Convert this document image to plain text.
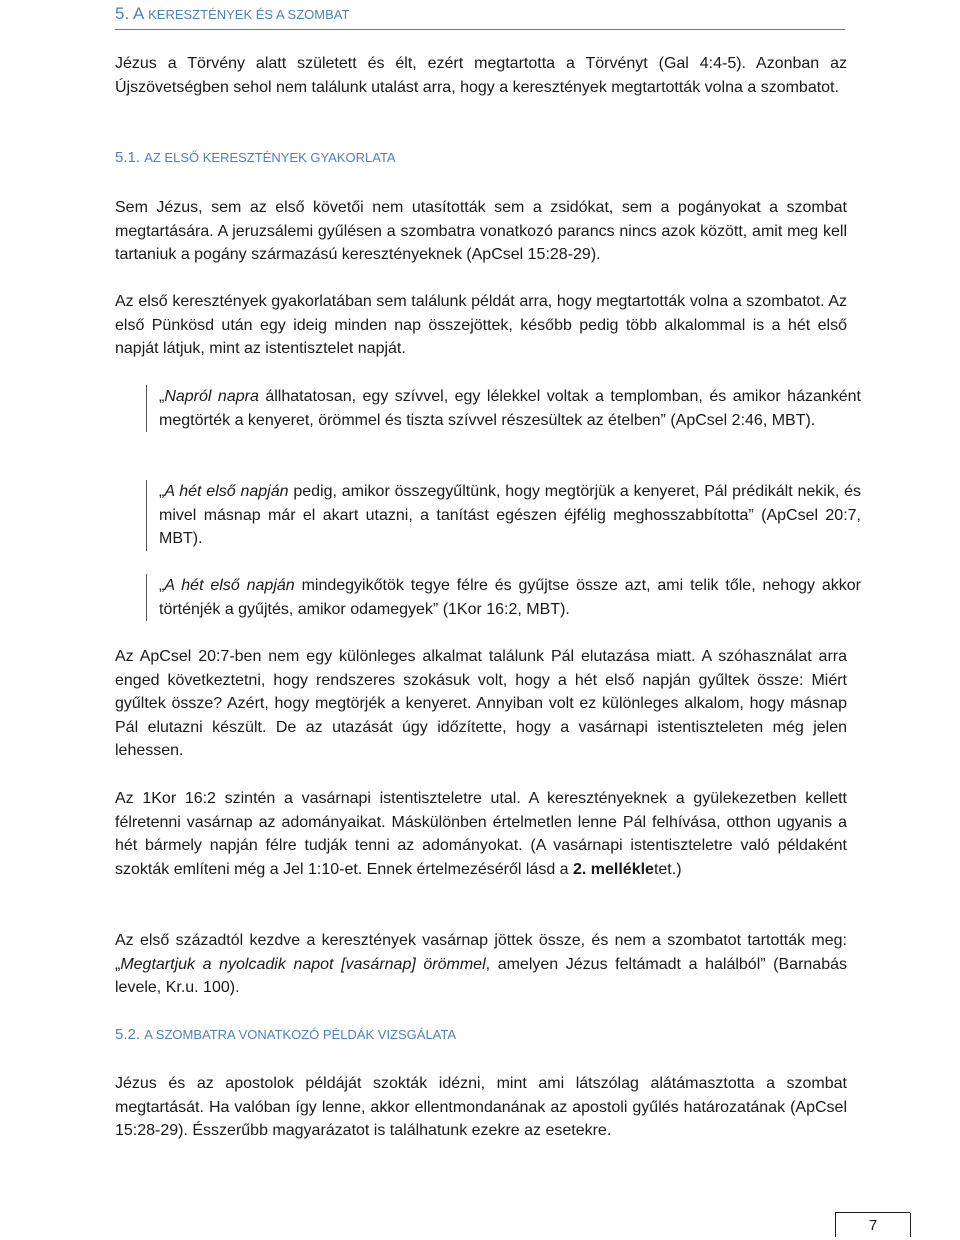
5. A KERESZTÉNYEK ÉS A SZOMBAT

Jézus a Törvény alatt született és élt, ezért megtartotta a Törvényt (Gal 4:4-5). Azonban az Újszövetségben sehol nem találunk utalást arra, hogy a keresztények megtartották volna a szombatot.

5.1. AZ ELSŐ KERESZTÉNYEK GYAKORLATA

Sem Jézus, sem az első követői nem utasították sem a zsidókat, sem a pogányokat a szombat megtartására. A jeruzsálemi gyűlésen a szombatra vonatkozó parancs nincs azok között, amit meg kell tartaniuk a pogány származású keresztényeknek (ApCsel 15:28-29).

Az első keresztények gyakorlatában sem találunk példát arra, hogy megtartották volna a szombatot. Az első Pünkösd után egy ideig minden nap összejöttek, később pedig több alkalommal is a hét első napját látjuk, mint az istentisztelet napját.

„Napról napra állhatatosan, egy szívvel, egy lélekkel voltak a templomban, és amikor házanként megtörték a kenyeret, örömmel és tiszta szívvel részesültek az ételben” (ApCsel 2:46, MBT).
„A hét első napján pedig, amikor összegyűltünk, hogy megtörjük a kenyeret, Pál prédikált nekik, és mivel másnap már el akart utazni, a tanítást egészen éjfélig meghosszabbította” (ApCsel 20:7, MBT).
„A hét első napján mindegyikőtök tegye félre és gyűjtse össze azt, ami telik tőle, nehogy akkor történjék a gyűjtés, amikor odamegyek” (1Kor 16:2, MBT).

Az ApCsel 20:7-ben nem egy különleges alkalmat találunk Pál elutazása miatt. A szóhasználat arra enged következtetni, hogy rendszeres szokásuk volt, hogy a hét első napján gyűltek össze: Miért gyűltek össze? Azért, hogy megtörjék a kenyeret. Annyiban volt ez különleges alkalom, hogy másnap Pál elutazni készült. De az utazását úgy időzítette, hogy a vasárnapi istentiszteleten még jelen lehessen.

Az 1Kor 16:2 szintén a vasárnapi istentiszteletre utal. A keresztényeknek a gyülekezetben kellett félretenni vasárnap az adományaikat. Máskülönben értelmetlen lenne Pál felhívása, otthon ugyanis a hét bármely napján félre tudják tenni az adományokat. (A vasárnapi istentiszteletre való példaként szokták említeni még a Jel 1:10-et. Ennek értelmezéséről lásd a 2. mellékletet.)

Az első századtól kezdve a keresztények vasárnap jöttek össze, és nem a szombatot tartották meg: „Megtartjuk a nyolcadik napot [vasárnap] örömmel, amelyen Jézus feltámadt a halálból” (Barnabás levele, Kr.u. 100).

5.2. A SZOMBATRA VONATKOZÓ PÉLDÁK VIZSGÁLATA

Jézus és az apostolok példáját szokták idézni, mint ami látszólag alátámasztotta a szombat megtartását. Ha valóban így lenne, akkor ellentmondanának az apostoli gyűlés határozatának (ApCsel 15:28-29). Ésszerűbb magyarázatot is találhatunk ezekre az esetekre.

7
